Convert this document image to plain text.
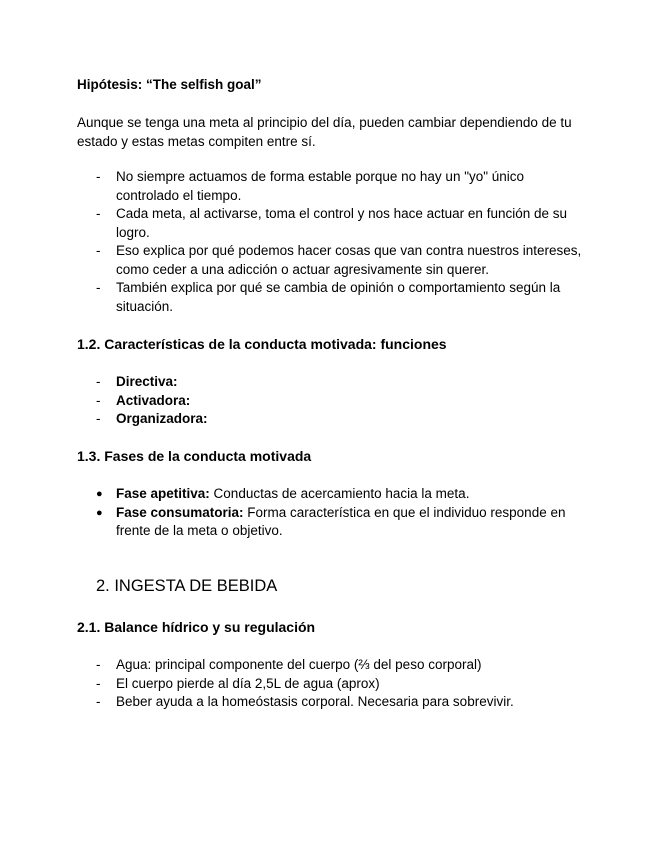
Hipótesis: “The selfish goal”

Aunque se tenga una meta al principio del día, pueden cambiar dependiendo de tu estado y estas metas compiten entre sí.

- No siempre actuamos de forma estable porque no hay un "yo" único controlado el tiempo.
- Cada meta, al activarse, toma el control y nos hace actuar en función de su logro.
- Eso explica por qué podemos hacer cosas que van contra nuestros intereses, como ceder a una adicción o actuar agresivamente sin querer.
- También explica por qué se cambia de opinión o comportamiento según la situación.

1.2. Características de la conducta motivada: funciones

- Directiva:
- Activadora:
- Organizadora:

1.3. Fases de la conducta motivada

● Fase apetitiva: Conductas de acercamiento hacia la meta.
● Fase consumatoria: Forma característica en que el individuo responde en frente de la meta o objetivo.

2. INGESTA DE BEBIDA

2.1. Balance hídrico y su regulación

- Agua: principal componente del cuerpo (⅔ del peso corporal)
- El cuerpo pierde al día 2,5L de agua (aprox)
- Beber ayuda a la homeóstasis corporal. Necesaria para sobrevivir.
